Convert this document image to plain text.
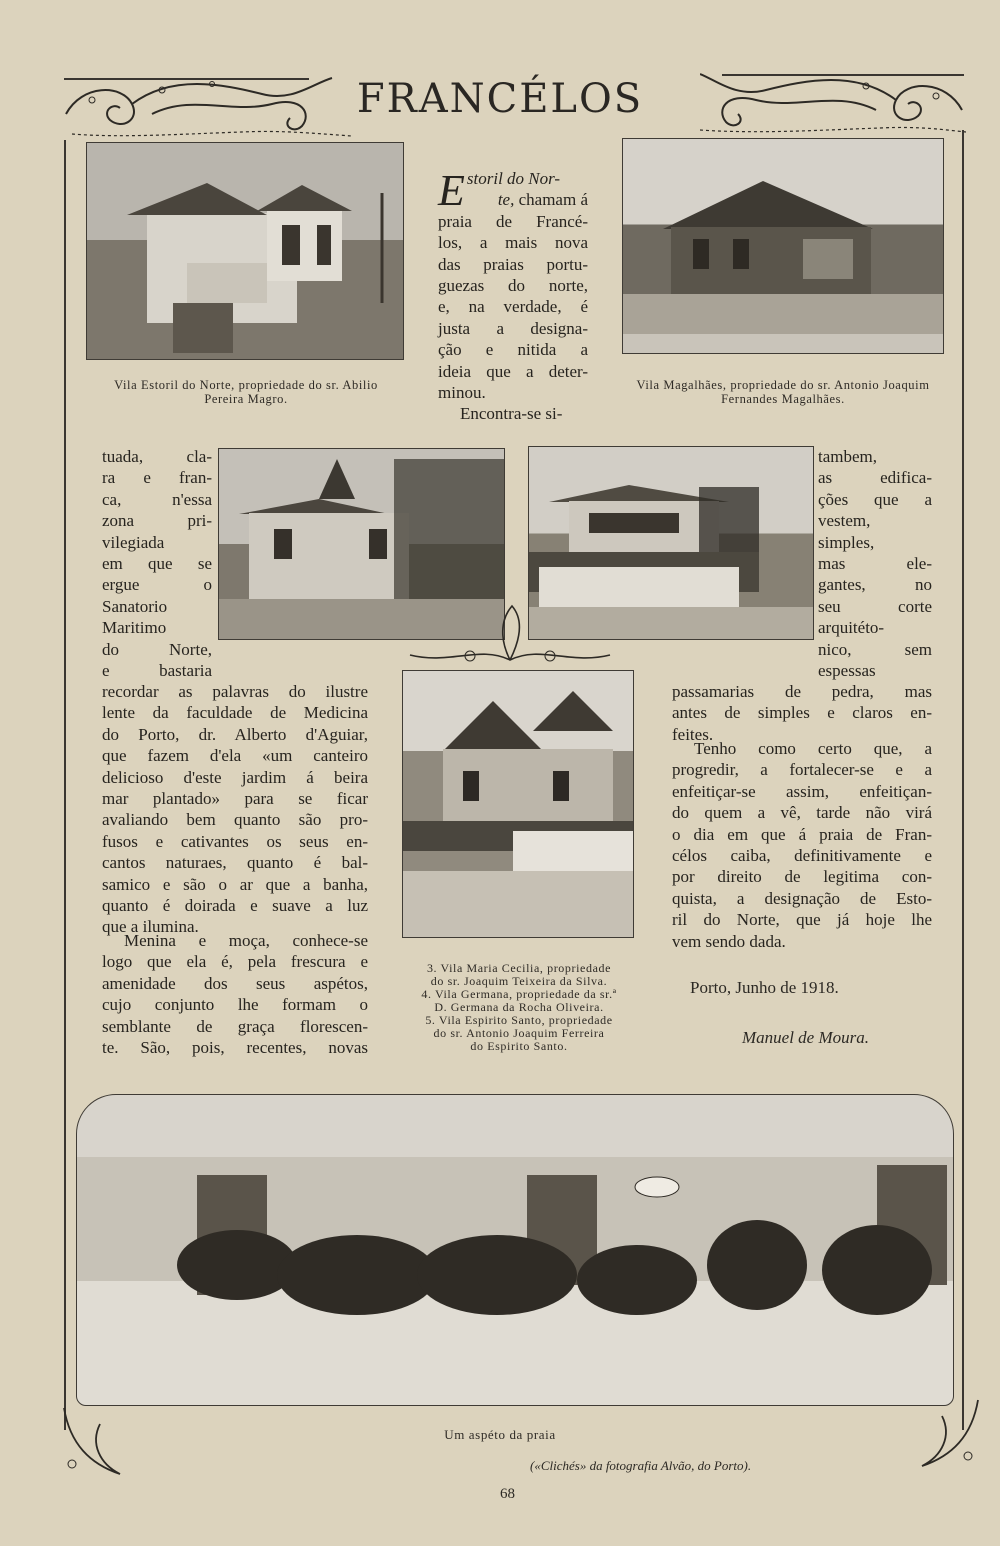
FRANCÉLOS
Vila Estoril do Norte, propriedade do sr. Abilio Pereira Magro.
Vila Magalhães, propriedade do sr. Antonio Joaquim Fernandes Magalhães.

Estoril do Nor-

te, chamam á

praia de Francé-

los, a mais nova

das praias portu-

guezas do norte,

e, na verdade, é

justa a designa-

ção e nitida a

ideia que a deter-

minou.

Encontra-se si-

tuada, cla-

ra e fran-

ca, n'essa

zona pri-

vilegiada

em que se

ergue o

Sanatorio

Maritimo

do Norte,

e bastaria

recordar as palavras do ilustre

lente da faculdade de Medicina

do Porto, dr. Alberto d'Aguiar,

que fazem d'ela «um canteiro

delicioso d'este jardim á beira

mar plantado» para se ficar

avaliando bem quanto são pro-

fusos e cativantes os seus en-

cantos naturaes, quanto é bal-

samico e são o ar que a banha,

quanto é doirada e suave a luz

que a ilumina.

Menina e moça, conhece-se

logo que ela é, pela frescura e

amenidade dos seus aspétos,

cujo conjunto lhe formam o

semblante de graça florescen-

te. São, pois, recentes, novas

tambem,

as edifica-

ções que a

vestem,

simples,

mas ele-

gantes, no

seu corte

arquitéto-

nico, sem

espessas

passamarias de pedra, mas

antes de simples e claros en-

feites.

Tenho como certo que, a

progredir, a fortalecer-se e a

enfeitiçar-se assim, enfeitiçan-

do quem a vê, tarde não virá

o dia em que á praia de Fran-

célos caiba, definitivamente e

por direito de legitima con-

quista, a designação de Esto-

ril do Norte, que já hoje lhe

vem sendo dada.

3. Vila Maria Cecilia, propriedade
do sr. Joaquim Teixeira da Silva.
4. Vila Germana, propriedade da sr.ª
D. Germana da Rocha Oliveira.
5. Vila Espirito Santo, propriedade
do sr. Antonio Joaquim Ferreira
do Espirito Santo.
Porto, Junho de 1918.
Manuel de Moura.
Um aspéto da praia
(«Clichés» da fotografia Alvão, do Porto).
68
